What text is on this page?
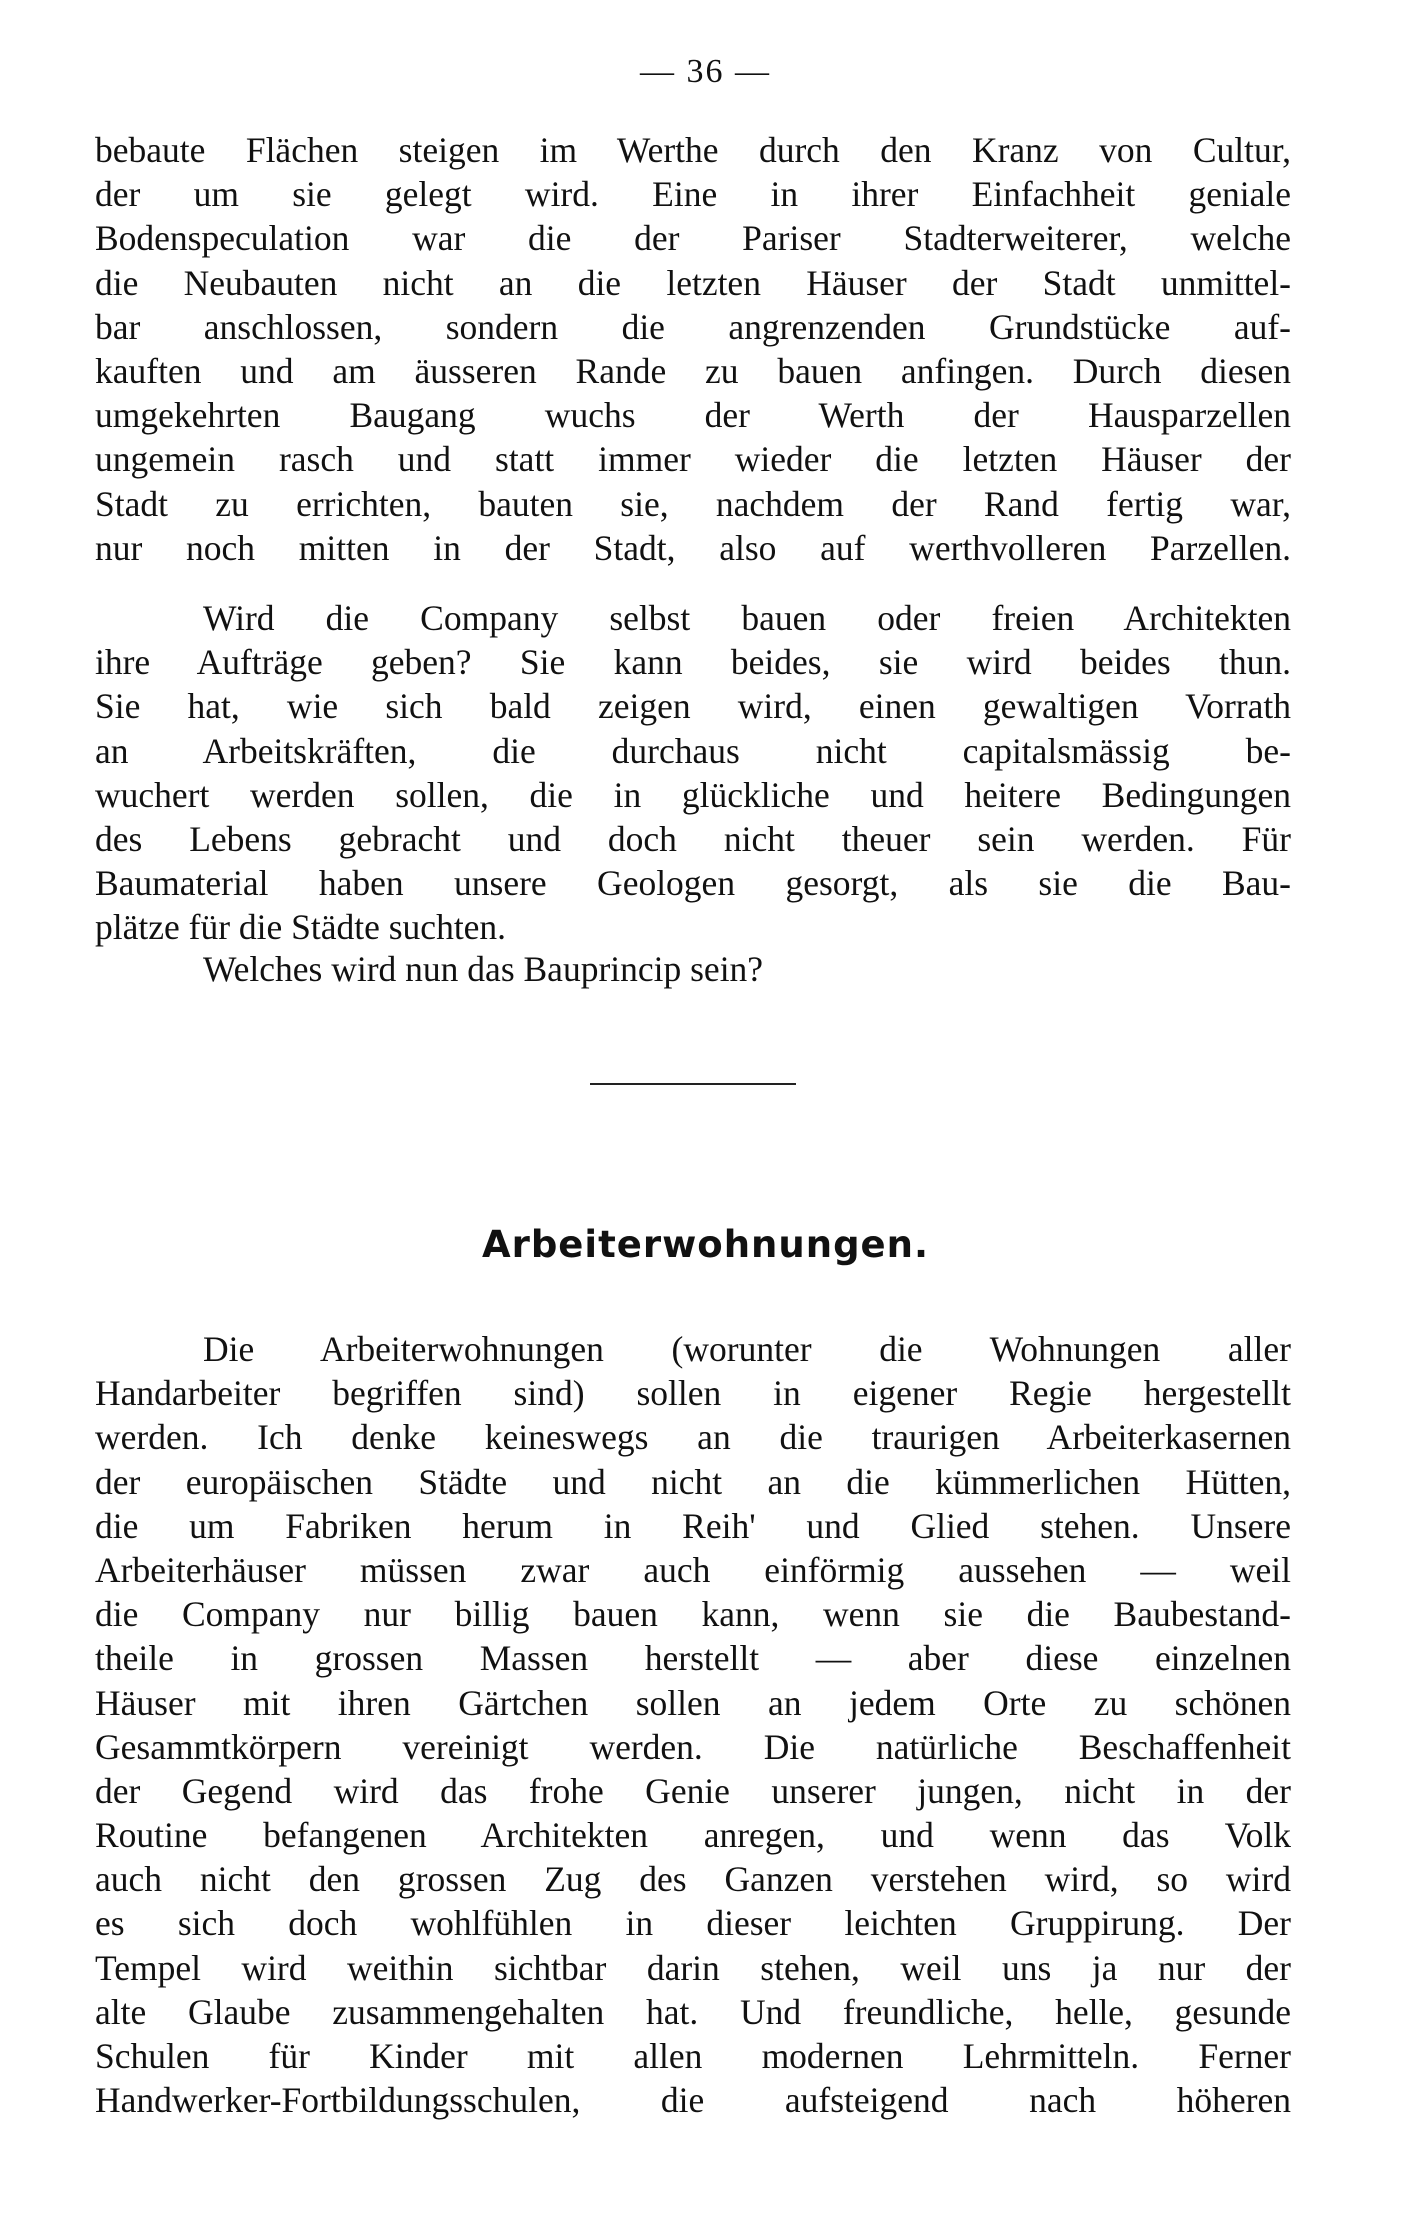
— 36 —
bebaute Flächen steigen im Werthe durch den Kranz von Cultur,
der um sie gelegt wird. Eine in ihrer Einfachheit geniale
Bodenspeculation war die der Pariser Stadterweiterer, welche
die Neubauten nicht an die letzten Häuser der Stadt unmittel-
bar anschlossen, sondern die angrenzenden Grundstücke auf-
kauften und am äusseren Rande zu bauen anfingen. Durch diesen
umgekehrten Baugang wuchs der Werth der Hausparzellen
ungemein rasch und statt immer wieder die letzten Häuser der
Stadt zu errichten, bauten sie, nachdem der Rand fertig war,
nur noch mitten in der Stadt, also auf werthvolleren Parzellen.
Wird die Company selbst bauen oder freien Architekten
ihre Aufträge geben? Sie kann beides, sie wird beides thun.
Sie hat, wie sich bald zeigen wird, einen gewaltigen Vorrath
an Arbeitskräften, die durchaus nicht capitalsmässig be-
wuchert werden sollen, die in glückliche und heitere Bedingungen
des Lebens gebracht und doch nicht theuer sein werden. Für
Baumaterial haben unsere Geologen gesorgt, als sie die Bau-
plätze für die Städte suchten.
Welches wird nun das Bauprincip sein?
Arbeiterwohnungen.
Die Arbeiterwohnungen (worunter die Wohnungen aller
Handarbeiter begriffen sind) sollen in eigener Regie hergestellt
werden. Ich denke keineswegs an die traurigen Arbeiterkasernen
der europäischen Städte und nicht an die kümmerlichen Hütten,
die um Fabriken herum in Reih' und Glied stehen. Unsere
Arbeiterhäuser müssen zwar auch einförmig aussehen — weil
die Company nur billig bauen kann, wenn sie die Baubestand-
theile in grossen Massen herstellt — aber diese einzelnen
Häuser mit ihren Gärtchen sollen an jedem Orte zu schönen
Gesammtkörpern vereinigt werden. Die natürliche Beschaffenheit
der Gegend wird das frohe Genie unserer jungen, nicht in der
Routine befangenen Architekten anregen, und wenn das Volk
auch nicht den grossen Zug des Ganzen verstehen wird, so wird
es sich doch wohlfühlen in dieser leichten Gruppirung. Der
Tempel wird weithin sichtbar darin stehen, weil uns ja nur der
alte Glaube zusammengehalten hat. Und freundliche, helle, gesunde
Schulen für Kinder mit allen modernen Lehrmitteln. Ferner
Handwerker-Fortbildungsschulen, die aufsteigend nach höheren
